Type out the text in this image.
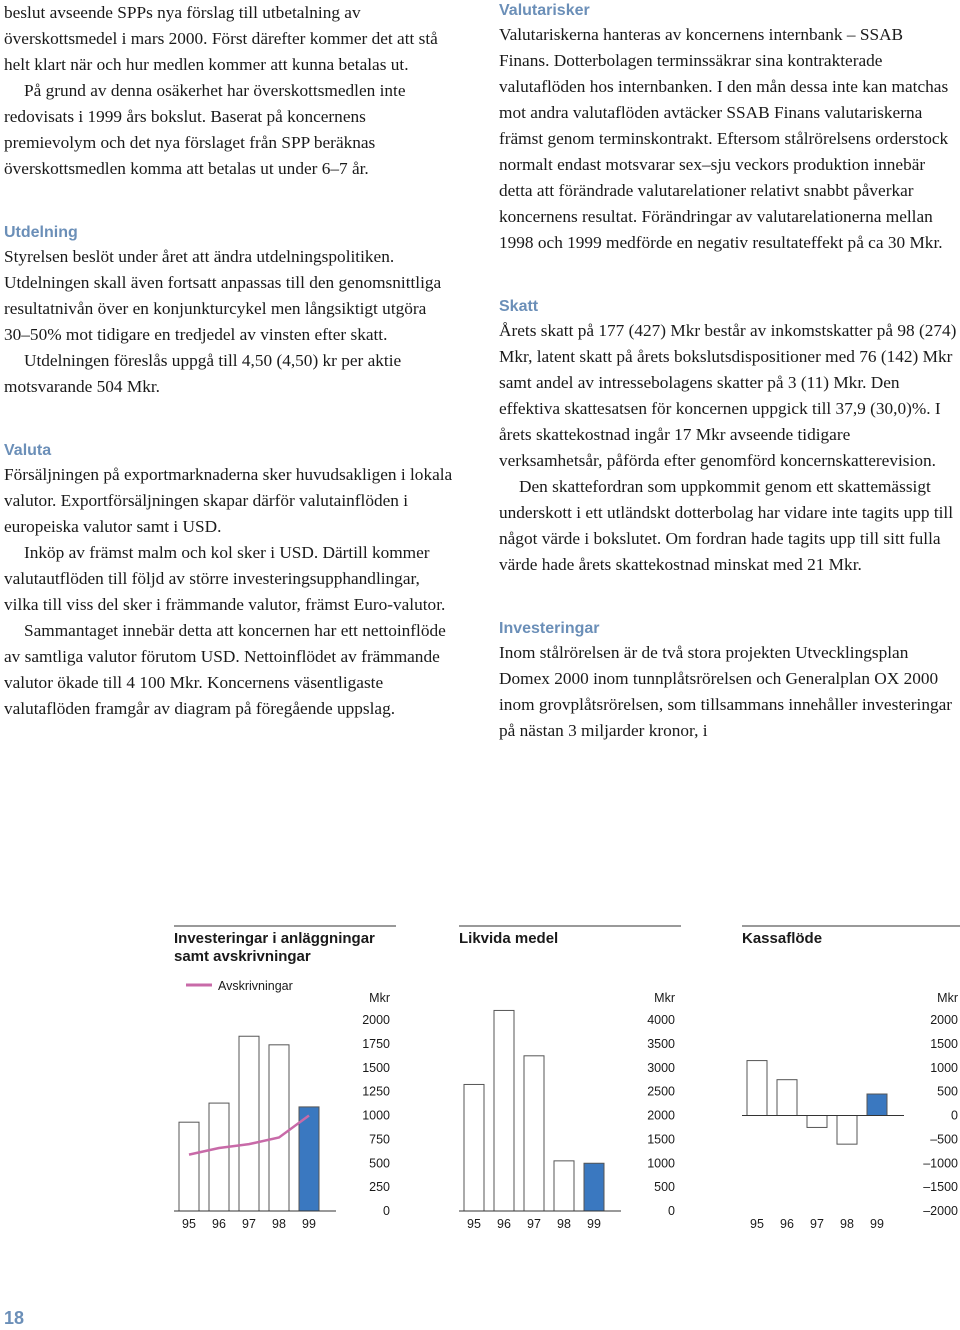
beslut avseende SPPs nya förslag till utbetalning av överskottsmedel i mars 2000. Först därefter kommer det att stå helt klart när och hur medlen kommer att kunna betalas ut.

På grund av denna osäkerhet har överskottsmedlen inte redovisats i 1999 års bokslut. Baserat på koncernens premievolym och det nya förslaget från SPP beräknas överskottsmedlen komma att betalas ut under 6–7 år.

Utdelning

Styrelsen beslöt under året att ändra utdelningspolitiken. Utdelningen skall även fortsatt anpassas till den genomsnittliga resultatnivån över en konjunkturcykel men långsiktigt utgöra 30–50% mot tidigare en tredjedel av vinsten efter skatt.

Utdelningen föreslås uppgå till 4,50 (4,50) kr per aktie motsvarande 504 Mkr.

Valuta

Försäljningen på exportmarknaderna sker huvudsakligen i lokala valutor. Exportförsäljningen skapar därför valutainflöden i europeiska valutor samt i USD.

Inköp av främst malm och kol sker i USD. Därtill kommer valutautflöden till följd av större investeringsupphandlingar, vilka till viss del sker i främmande valutor, främst Euro-valutor.

Sammantaget innebär detta att koncernen har ett nettoinflöde av samtliga valutor förutom USD. Nettoinflödet av främmande valutor ökade till 4 100 Mkr. Koncernens väsentligaste valutaflöden framgår av diagram på föregående uppslag.

Valutarisker

Valutariskerna hanteras av koncernens internbank – SSAB Finans. Dotterbolagen terminssäkrar sina kontrakterade valutaflöden hos internbanken. I den mån dessa inte kan matchas mot andra valutaflöden avtäcker SSAB Finans valutariskerna främst genom terminskontrakt. Eftersom stålrörelsens orderstock normalt endast motsvarar sex–sju veckors produktion innebär detta att förändrade valutarelationer relativt snabbt påverkar koncernens resultat. Förändringar av valutarelationerna mellan 1998 och 1999 medförde en negativ resultateffekt på ca 30 Mkr.

Skatt

Årets skatt på 177 (427) Mkr består av inkomstskatter på 98 (274) Mkr, latent skatt på årets bokslutsdispositioner med 76 (142) Mkr samt andel av intressebolagens skatter på 3 (11) Mkr. Den effektiva skattesatsen för koncernen uppgick till 37,9 (30,0)%. I årets skattekostnad ingår 17 Mkr avseende tidigare verksamhetsår, påförda efter genomförd koncernskatterevision.

Den skattefordran som uppkommit genom ett skattemässigt underskott i ett utländskt dotterbolag har vidare inte tagits upp till något värde i bokslutet. Om fordran hade tagits upp till sitt fulla värde hade årets skattekostnad minskat med 21 Mkr.

Investeringar

Inom stålrörelsen är de två stora projekten Utvecklingsplan Domex 2000 inom tunnplåtsrörelsen och Generalplan OX 2000 inom grovplåtsrörelsen, som tillsammans innehåller investeringar på nästan 3 miljarder kronor, i

Investeringar i anläggningar
samt avskrivningar
Mkr
2000
1750
1500
1250
1000
750
500
250
0
95 96 97 98 99
Avskrivningar
Likvida medel
Mkr
4000
3500
3000
2500
2000
1500
1000
500
0
95 96 97 98 99
Kassaflöde
Mkr
2000
1500
1000
500
0
–500
–1000
–1500
–2000
95 96 97 98 99
18
